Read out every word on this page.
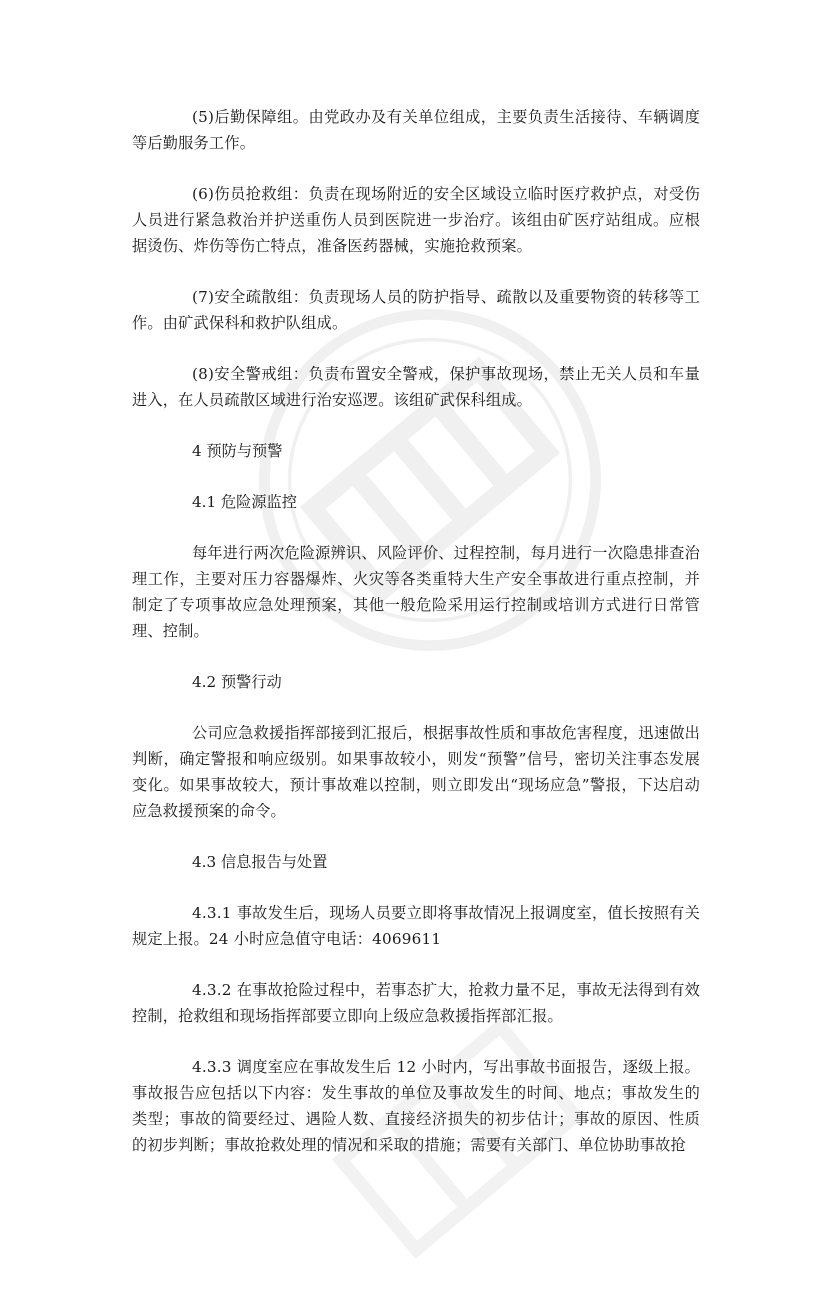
(5)后勤保障组。由党政办及有关单位组成，主要负责生活接待、车辆调度等后勤服务工作。

(6)伤员抢救组：负责在现场附近的安全区域设立临时医疗救护点，对受伤人员进行紧急救治并护送重伤人员到医院进一步治疗。该组由矿医疗站组成。应根据烫伤、炸伤等伤亡特点，准备医药器械，实施抢救预案。

(7)安全疏散组：负责现场人员的防护指导、疏散以及重要物资的转移等工作。由矿武保科和救护队组成。

(8)安全警戒组：负责布置安全警戒，保护事故现场，禁止无关人员和车量进入，在人员疏散区域进行治安巡逻。该组矿武保科组成。

4 预防与预警
4.1 危险源监控

每年进行两次危险源辨识、风险评价、过程控制，每月进行一次隐患排查治理工作，主要对压力容器爆炸、火灾等各类重特大生产安全事故进行重点控制，并制定了专项事故应急处理预案，其他一般危险采用运行控制或培训方式进行日常管理、控制。

4.2 预警行动

公司应急救援指挥部接到汇报后，根据事故性质和事故危害程度，迅速做出判断，确定警报和响应级别。如果事故较小，则发“预警”信号，密切关注事态发展变化。如果事故较大，预计事故难以控制，则立即发出“现场应急”警报，下达启动应急救援预案的命令。

4.3 信息报告与处置

4.3.1 事故发生后，现场人员要立即将事故情况上报调度室，值长按照有关规定上报。24 小时应急值守电话：4069611

4.3.2 在事故抢险过程中，若事态扩大，抢救力量不足，事故无法得到有效控制，抢救组和现场指挥部要立即向上级应急救援指挥部汇报。

4.3.3 调度室应在事故发生后 12 小时内，写出事故书面报告，逐级上报。事故报告应包括以下内容：发生事故的单位及事故发生的时间、地点；事故发生的类型；事故的简要经过、遇险人数、直接经济损失的初步估计；事故的原因、性质的初步判断；事故抢救处理的情况和采取的措施；需要有关部门、单位协助事故抢
